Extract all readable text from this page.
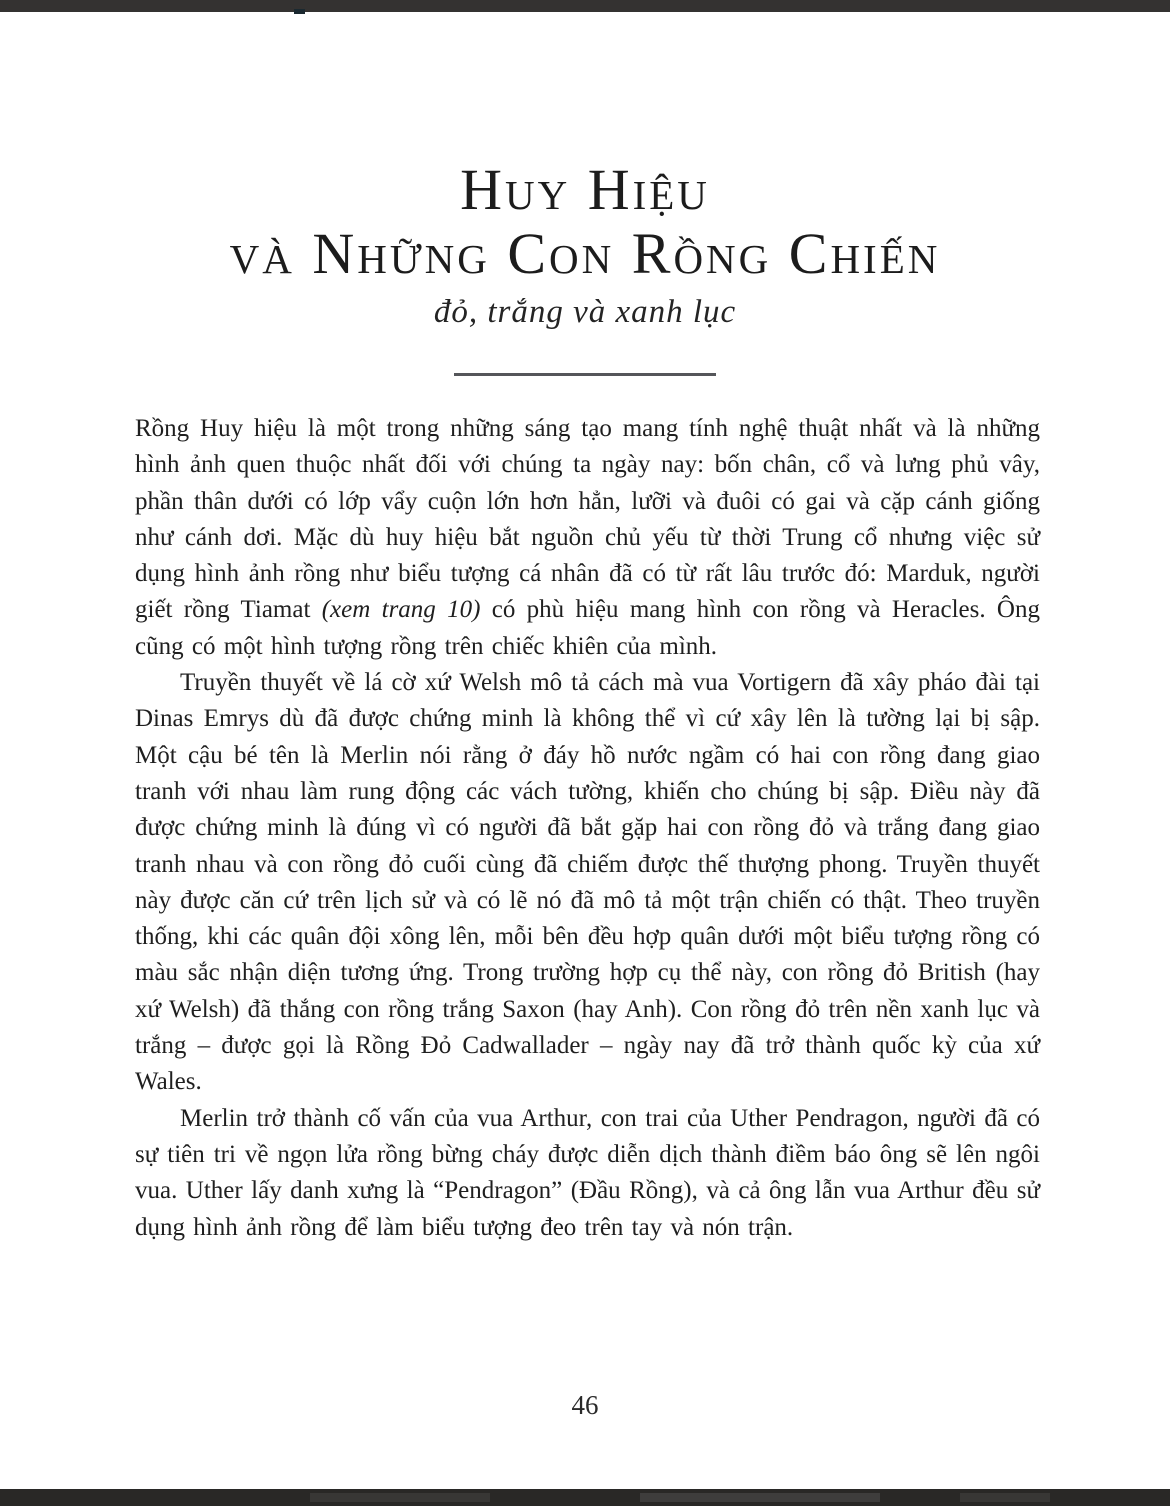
Huy Hiệu
và Những Con Rồng Chiến
đỏ, trắng và xanh lục

Rồng Huy hiệu là một trong những sáng tạo mang tính nghệ thuật nhất và là những hình ảnh quen thuộc nhất đối với chúng ta ngày nay: bốn chân, cổ và lưng phủ vây, phần thân dưới có lớp vẩy cuộn lớn hơn hẳn, lưỡi và đuôi có gai và cặp cánh giống như cánh dơi. Mặc dù huy hiệu bắt nguồn chủ yếu từ thời Trung cổ nhưng việc sử dụng hình ảnh rồng như biểu tượng cá nhân đã có từ rất lâu trước đó: Marduk, người giết rồng Tiamat (xem trang 10) có phù hiệu mang hình con rồng và Heracles. Ông cũng có một hình tượng rồng trên chiếc khiên của mình.

Truyền thuyết về lá cờ xứ Welsh mô tả cách mà vua Vortigern đã xây pháo đài tại Dinas Emrys dù đã được chứng minh là không thể vì cứ xây lên là tường lại bị sập. Một cậu bé tên là Merlin nói rằng ở đáy hồ nước ngầm có hai con rồng đang giao tranh với nhau làm rung động các vách tường, khiến cho chúng bị sập. Điều này đã được chứng minh là đúng vì có người đã bắt gặp hai con rồng đỏ và trắng đang giao tranh nhau và con rồng đỏ cuối cùng đã chiếm được thế thượng phong. Truyền thuyết này được căn cứ trên lịch sử và có lẽ nó đã mô tả một trận chiến có thật. Theo truyền thống, khi các quân đội xông lên, mỗi bên đều hợp quân dưới một biểu tượng rồng có màu sắc nhận diện tương ứng. Trong trường hợp cụ thể này, con rồng đỏ British (hay xứ Welsh) đã thắng con rồng trắng Saxon (hay Anh). Con rồng đỏ trên nền xanh lục và trắng – được gọi là Rồng Đỏ Cadwallader – ngày nay đã trở thành quốc kỳ của xứ Wales.

Merlin trở thành cố vấn của vua Arthur, con trai của Uther Pendragon, người đã có sự tiên tri về ngọn lửa rồng bừng cháy được diễn dịch thành điềm báo ông sẽ lên ngôi vua. Uther lấy danh xưng là “Pendragon” (Đầu Rồng), và cả ông lẫn vua Arthur đều sử dụng hình ảnh rồng để làm biểu tượng đeo trên tay và nón trận.

46
